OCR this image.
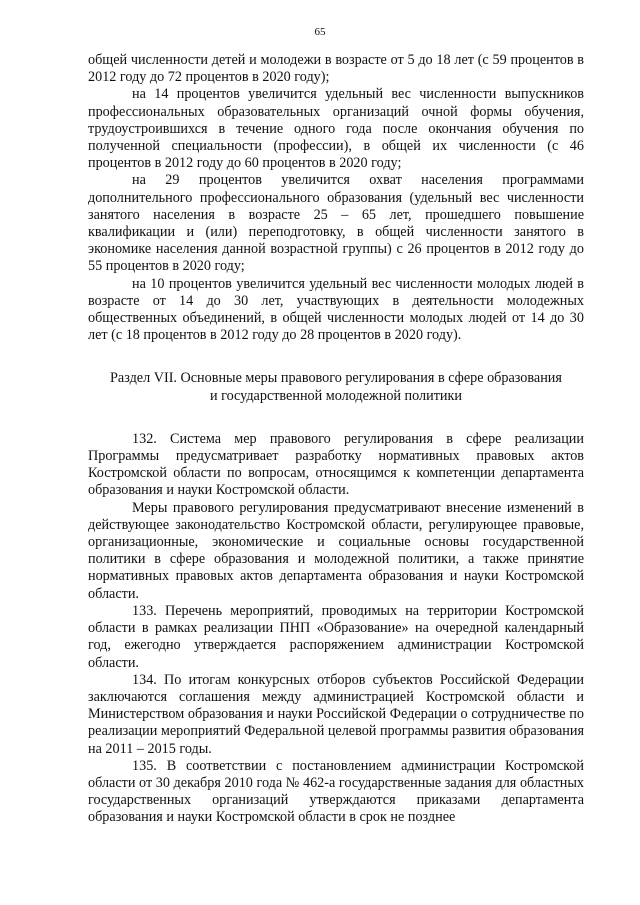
65

общей численности детей и молодежи в возрасте от 5 до 18 лет (с 59 процентов в 2012 году до 72 процентов в 2020 году);

на 14 процентов увеличится удельный вес численности выпускников профессиональных образовательных организаций очной формы обучения, трудоустроившихся в течение одного года после окончания обучения по полученной специальности (профессии), в общей их численности (с 46 процентов в 2012 году до 60 процентов в 2020 году;

на 29 процентов увеличится охват населения программами дополнительного профессионального образования (удельный вес численности занятого населения в возрасте 25 – 65 лет, прошедшего повышение квалификации и (или) переподготовку, в общей численности занятого в экономике населения данной возрастной группы) с 26 процентов в 2012 году до 55 процентов в 2020 году;

на 10 процентов увеличится удельный вес численности молодых людей в возрасте от 14 до 30 лет, участвующих в деятельности молодежных общественных объединений, в общей численности молодых людей от 14 до 30 лет (с 18 процентов в 2012 году до 28 процентов в 2020 году).

Раздел VII. Основные меры правового регулирования в сфере образования
и государственной молодежной политики

132. Система мер правового регулирования в сфере реализации Программы предусматривает разработку нормативных правовых актов Костромской области по вопросам, относящимся к компетенции департамента образования и науки Костромской области.

Меры правового регулирования предусматривают внесение изменений в действующее законодательство Костромской области, регулирующее правовые, организационные, экономические и социальные основы государственной политики в сфере образования и молодежной политики, а также принятие нормативных правовых актов департамента образования и науки Костромской области.

133. Перечень мероприятий, проводимых на территории Костромской области в рамках реализации ПНП «Образование» на очередной календарный год, ежегодно утверждается распоряжением администрации Костромской области.

134. По итогам конкурсных отборов субъектов Российской Федерации заключаются соглашения между администрацией Костромской области и Министерством образования и науки Российской Федерации о сотрудничестве по реализации мероприятий Федеральной целевой программы развития образования на 2011 – 2015 годы.

135. В соответствии с постановлением администрации Костромской области от 30 декабря 2010 года № 462-а государственные задания для областных государственных организаций утверждаются приказами департамента образования и науки Костромской области в срок не позднее
